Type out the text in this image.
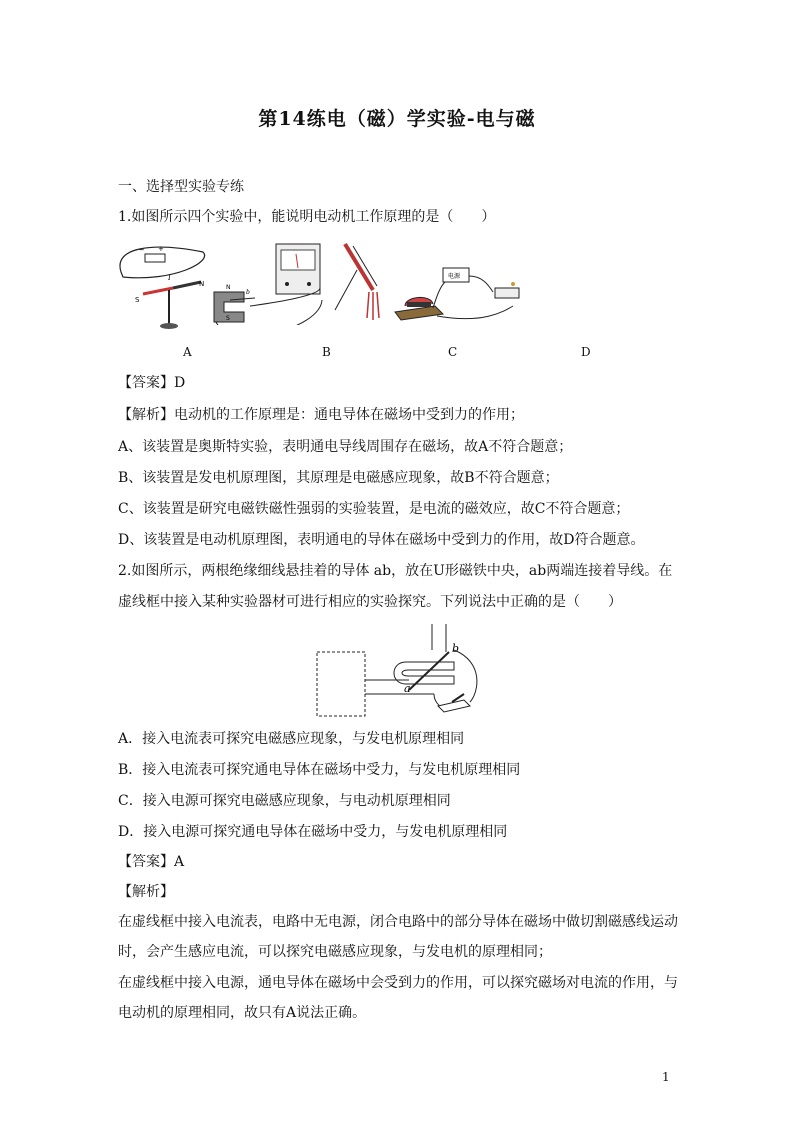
第14练电（磁）学实验-电与磁
一、选择型实验专练
1.如图所示四个实验中，能说明电动机工作原理的是（　　）
− +
I
S
N	N
S
b
电源
A	B	C	D
【答案】D
【解析】电动机的工作原理是：通电导体在磁场中受到力的作用；
A、该装置是奥斯特实验，表明通电导线周围存在磁场，故A不符合题意；
B、该装置是发电机原理图，其原理是电磁感应现象，故B不符合题意；
C、该装置是研究电磁铁磁性强弱的实验装置，是电流的磁效应，故C不符合题意；
D、该装置是电动机原理图，表明通电的导体在磁场中受到力的作用，故D符合题意。
2.如图所示，两根绝缘细线悬挂着的导体 ab，放在U形磁铁中央，ab两端连接着导线。在
虚线框中接入某种实验器材可进行相应的实验探究。下列说法中正确的是（　　）
b
a
A．接入电流表可探究电磁感应现象，与发电机原理相同
B．接入电流表可探究通电导体在磁场中受力，与发电机原理相同
C．接入电源可探究电磁感应现象，与电动机原理相同
D．接入电源可探究通电导体在磁场中受力，与发电机原理相同
【答案】A
【解析】
在虚线框中接入电流表，电路中无电源，闭合电路中的部分导体在磁场中做切割磁感线运动时，会产生感应电流，可以探究电磁感应现象，与发电机的原理相同；
在虚线框中接入电源，通电导体在磁场中会受到力的作用，可以探究磁场对电流的作用，与电动机的原理相同，故只有A说法正确。
1
